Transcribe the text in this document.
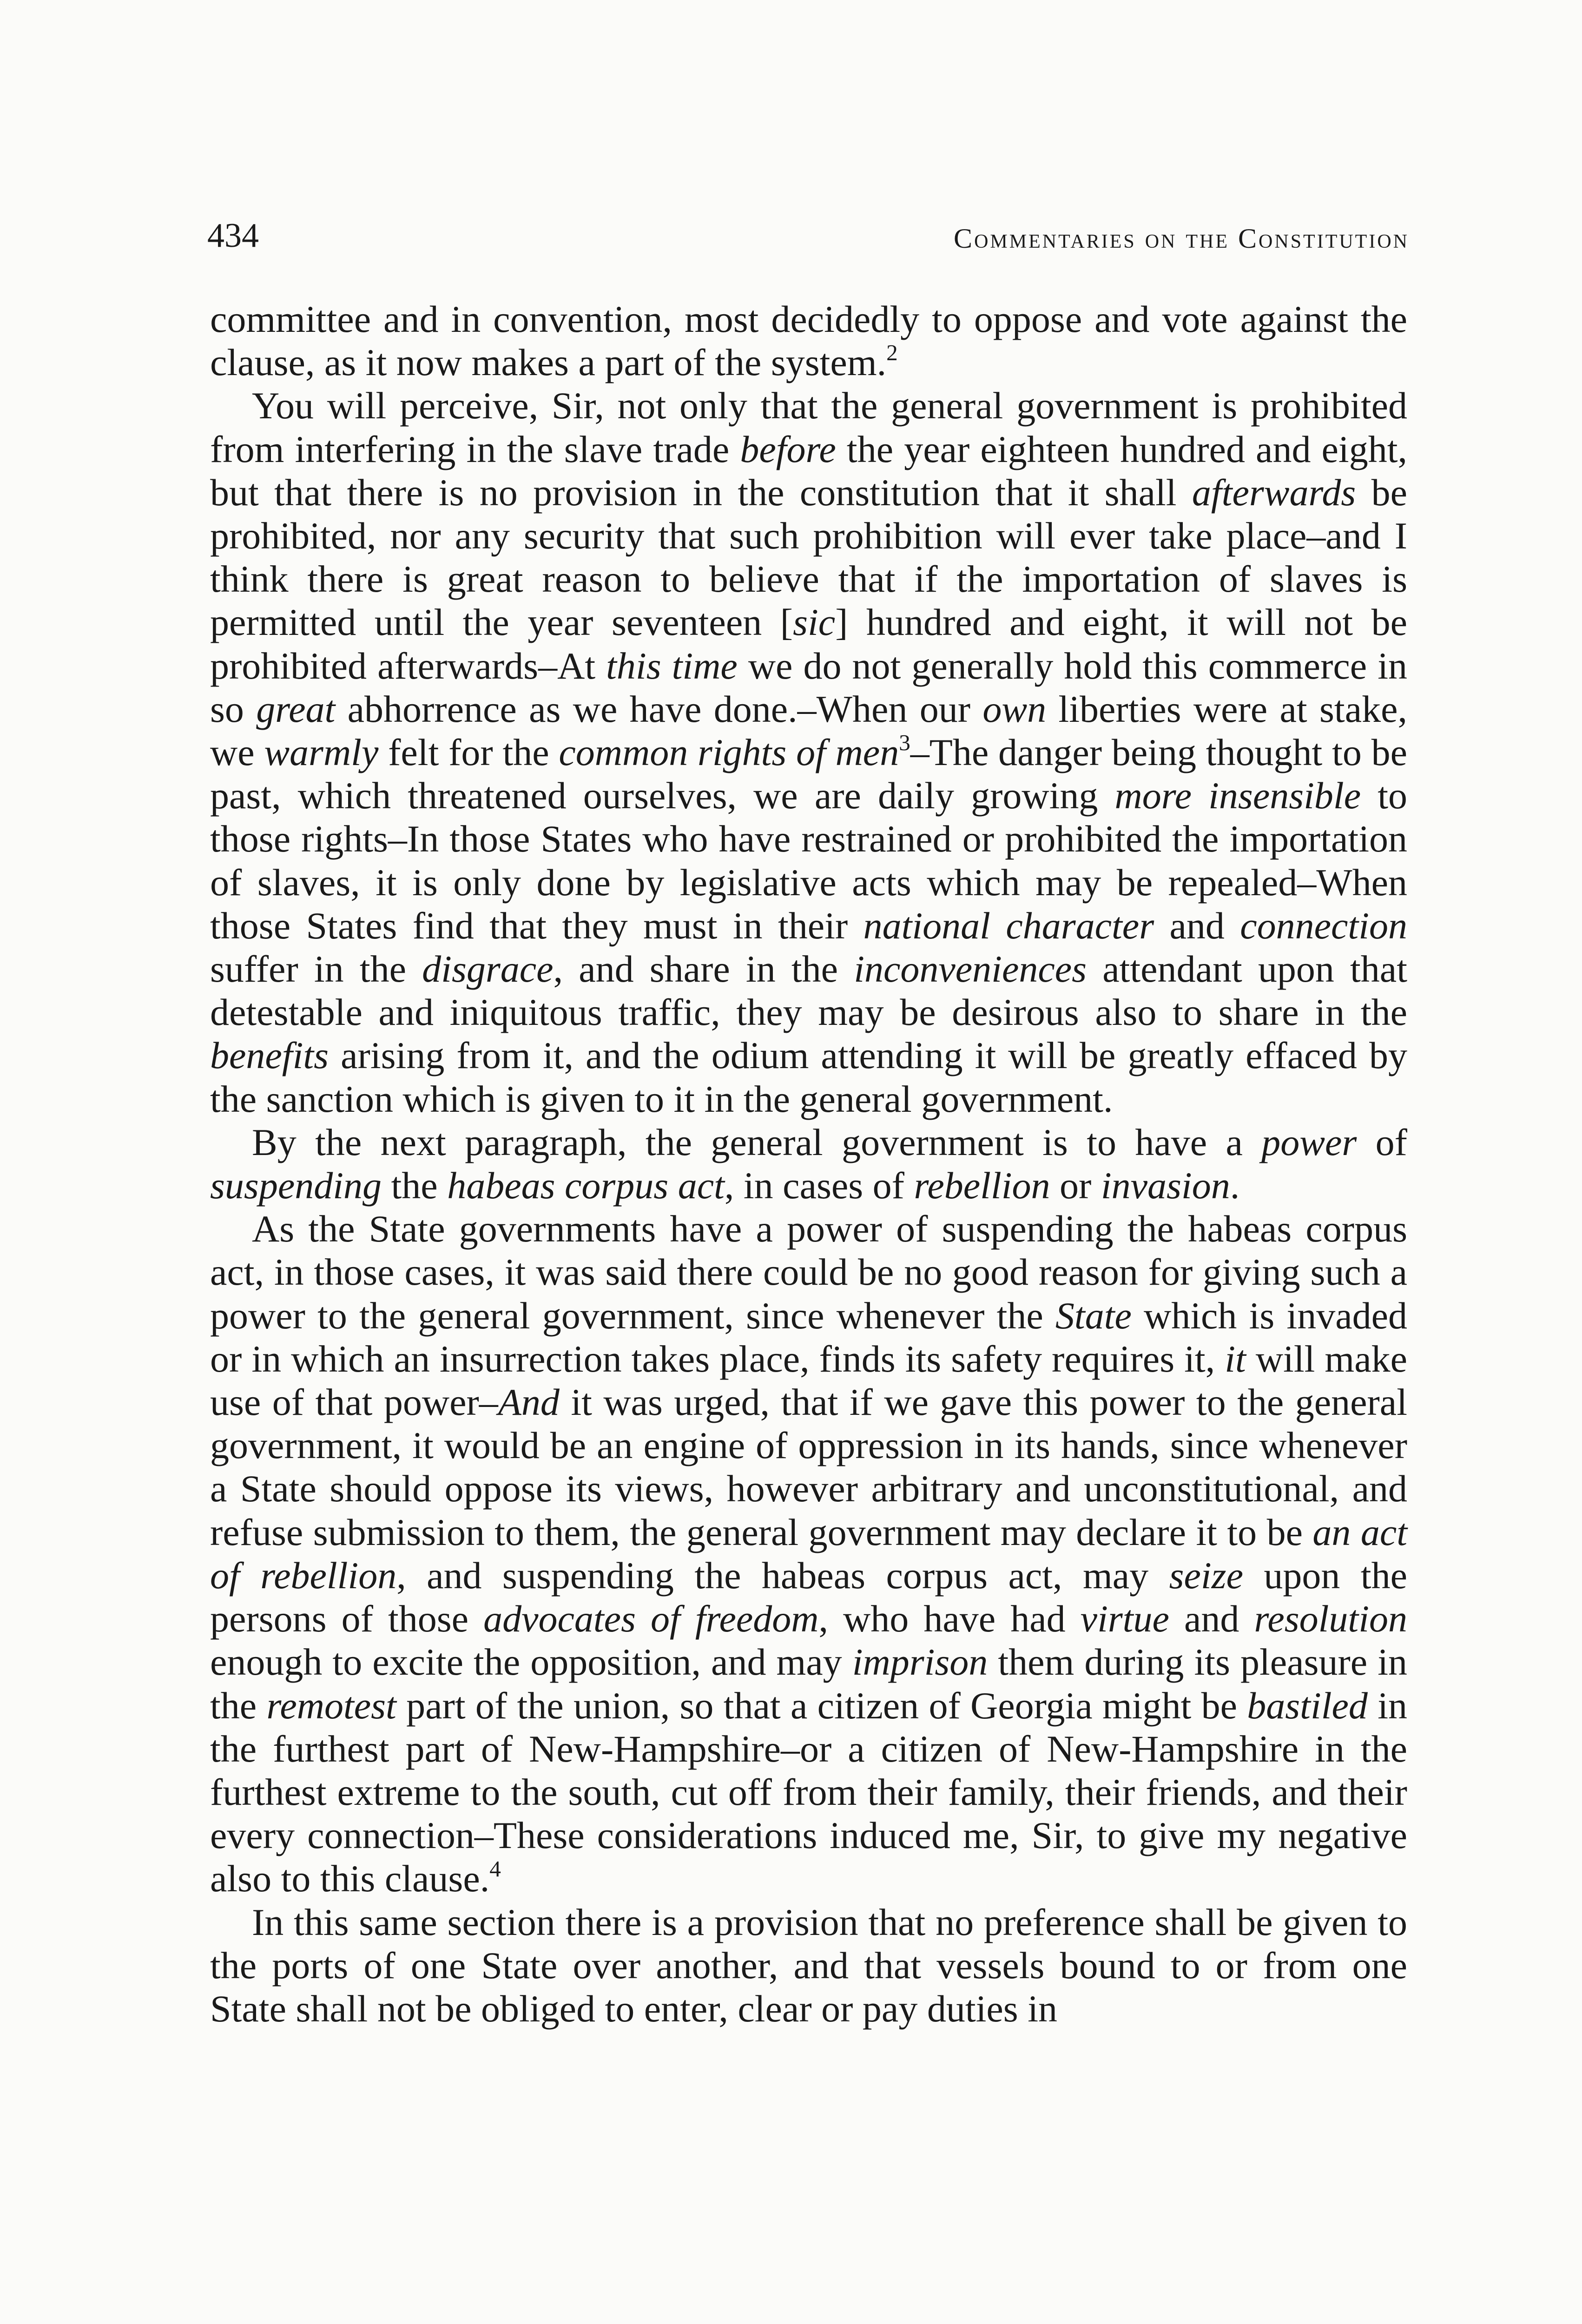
434	Commentaries on the Constitution

committee and in convention, most decidedly to oppose and vote against the clause, as it now makes a part of the system.$^2$

You will perceive, Sir, not only that the general government is prohibited from interfering in the slave trade before the year eighteen hundred and eight, but that there is no provision in the constitution that it shall afterwards be prohibited, nor any security that such prohibition will ever take place–and I think there is great reason to believe that if the importation of slaves is permitted until the year seventeen [sic] hundred and eight, it will not be prohibited afterwards–At this time we do not generally hold this commerce in so great abhorrence as we have done.–When our own liberties were at stake, we warmly felt for the common rights of men$^3$–The danger being thought to be past, which threatened ourselves, we are daily growing more insensible to those rights–In those States who have restrained or prohibited the importation of slaves, it is only done by legislative acts which may be repealed–When those States find that they must in their national character and connection suffer in the disgrace, and share in the inconveniences attendant upon that detestable and iniquitous traffic, they may be desirous also to share in the benefits arising from it, and the odium attending it will be greatly effaced by the sanction which is given to it in the general government.

By the next paragraph, the general government is to have a power of suspending the habeas corpus act, in cases of rebellion or invasion.

As the State governments have a power of suspending the habeas corpus act, in those cases, it was said there could be no good reason for giving such a power to the general government, since whenever the State which is invaded or in which an insurrection takes place, finds its safety requires it, it will make use of that power–And it was urged, that if we gave this power to the general government, it would be an engine of oppression in its hands, since whenever a State should oppose its views, however arbitrary and unconstitutional, and refuse submission to them, the general government may declare it to be an act of rebellion, and suspending the habeas corpus act, may seize upon the persons of those advocates of freedom, who have had virtue and resolution enough to excite the opposition, and may imprison them during its pleasure in the remotest part of the union, so that a citizen of Georgia might be bastiled in the furthest part of New-Hampshire–or a citizen of New-Hampshire in the furthest extreme to the south, cut off from their family, their friends, and their every connection–These considerations induced me, Sir, to give my negative also to this clause.$^4$

In this same section there is a provision that no preference shall be given to the ports of one State over another, and that vessels bound to or from one State shall not be obliged to enter, clear or pay duties in
